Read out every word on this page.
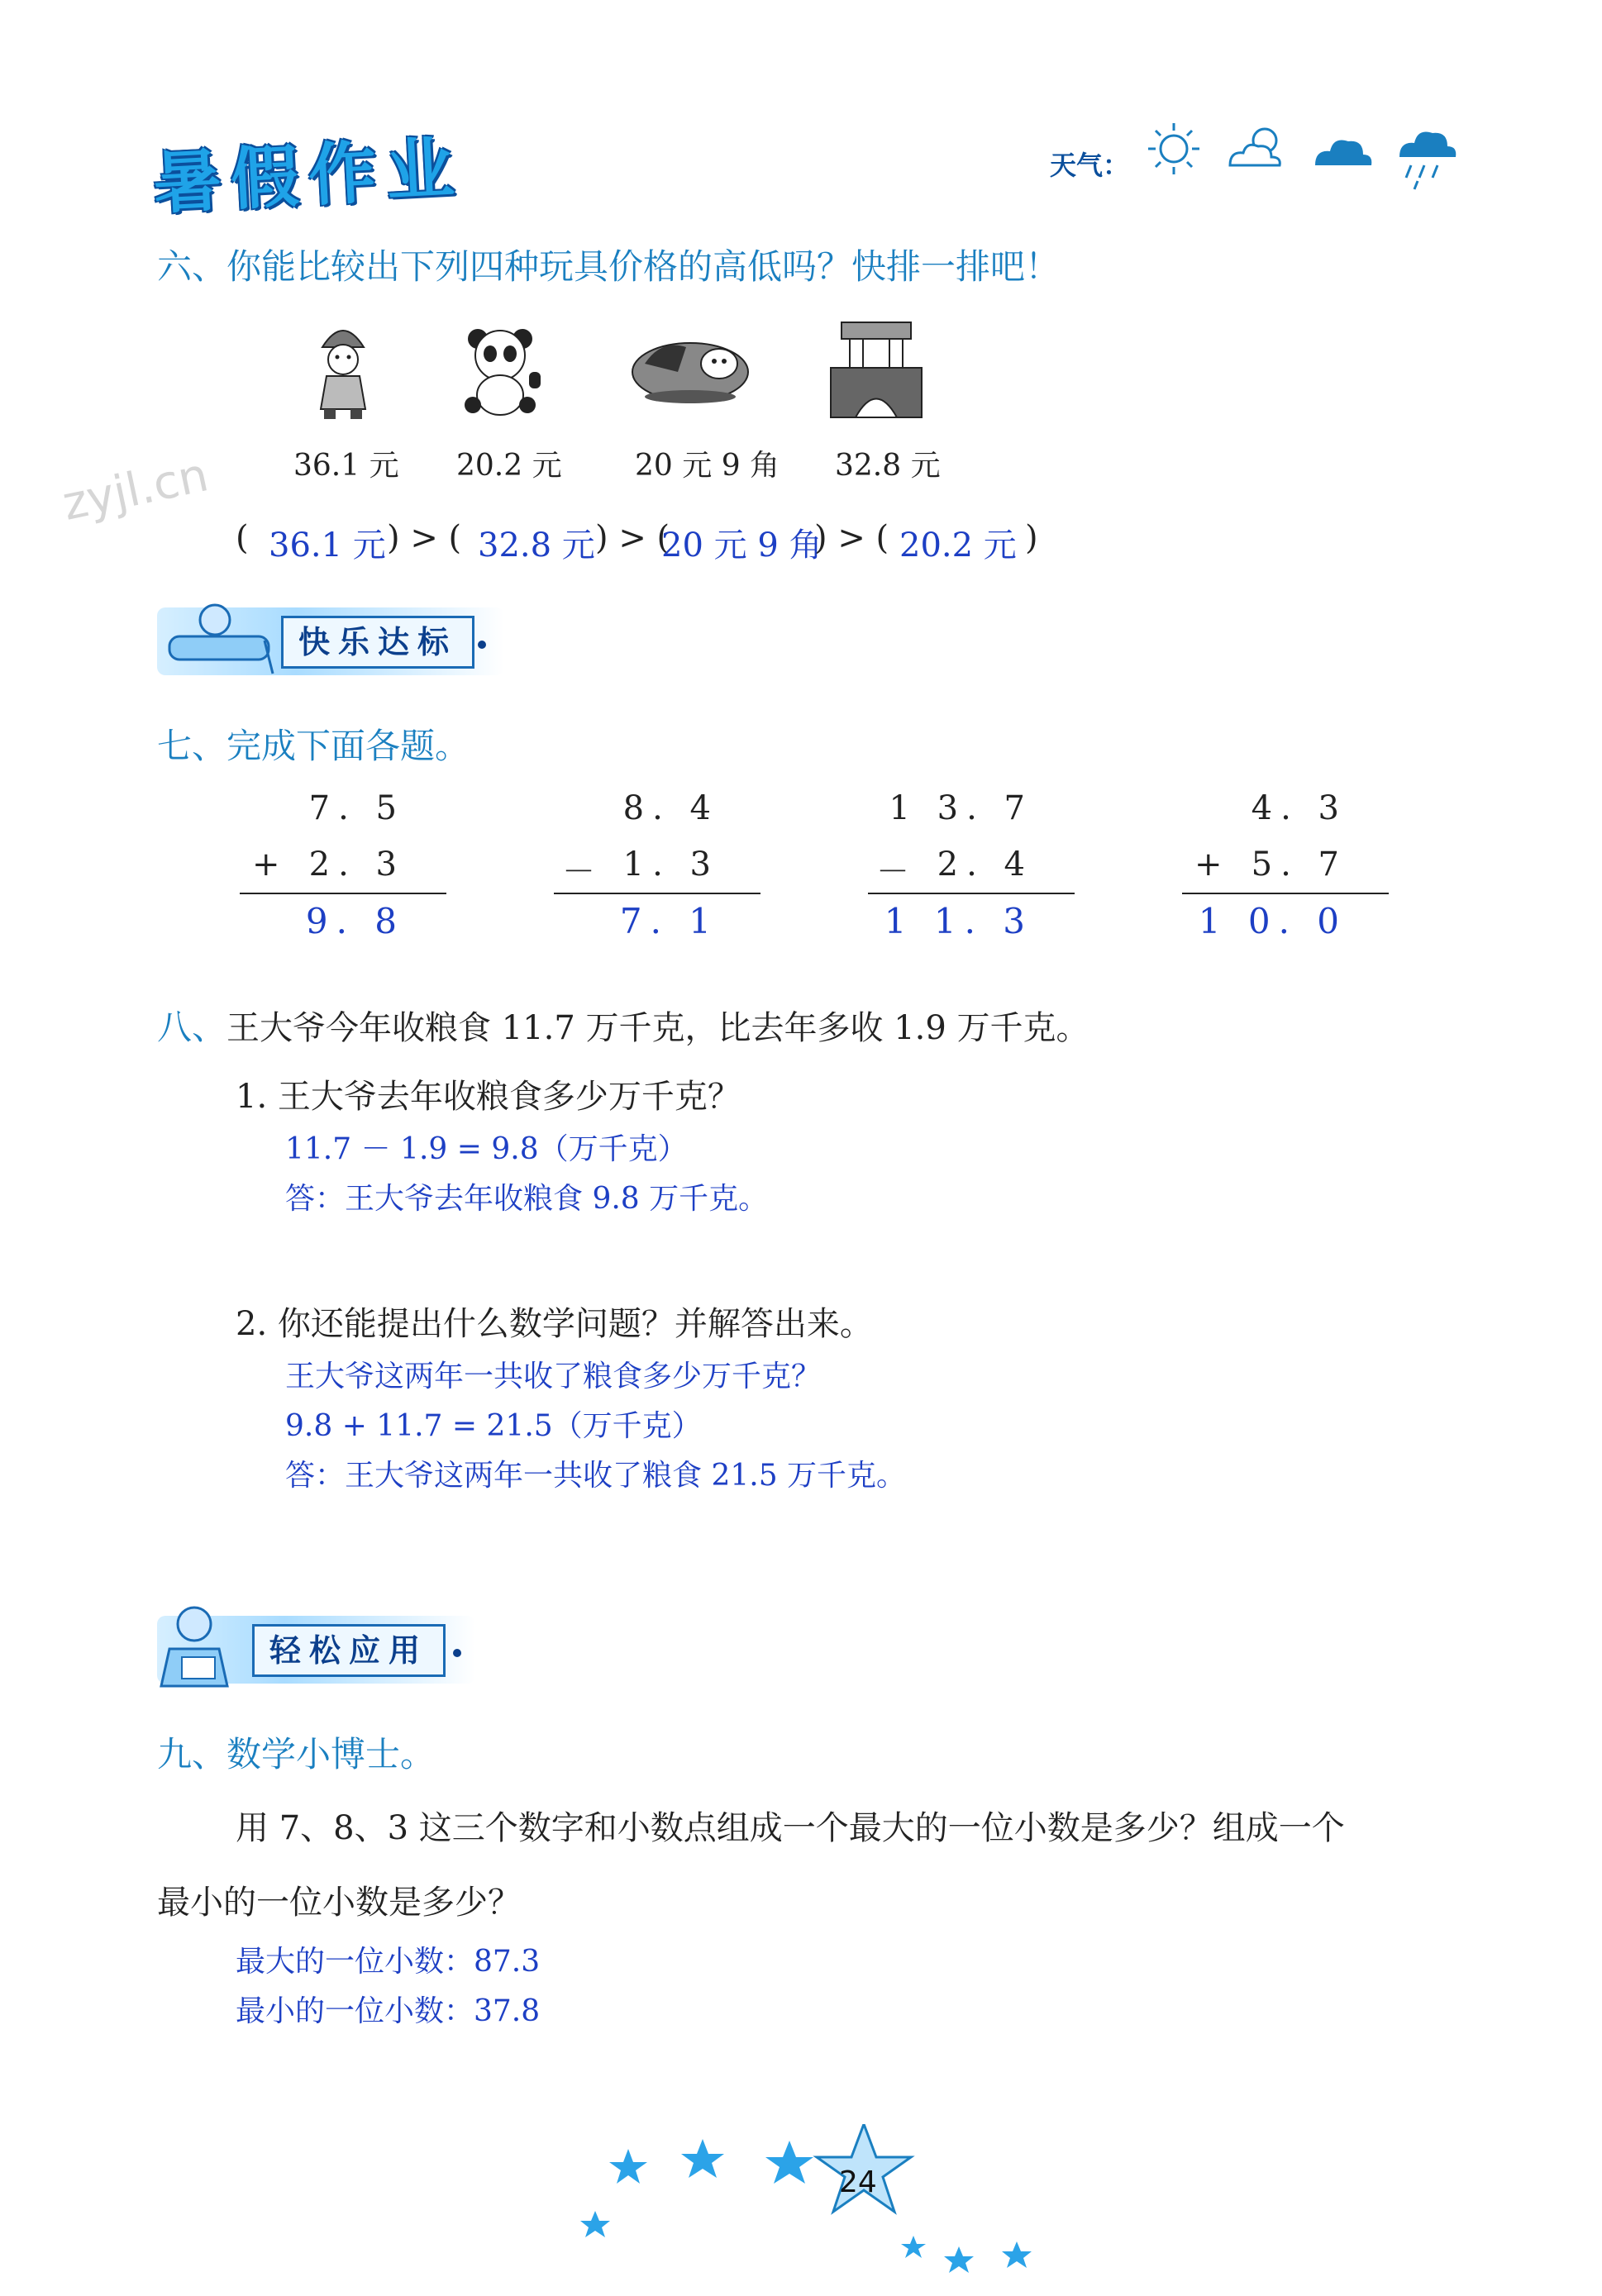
暑假作业	天气：
zyjl.cn
六、你能比较出下列四种玩具价格的高低吗？快排一排吧！
36.1 元 20.2 元 20 元 9 角 32.8 元
( 36.1 元 ) > ( 32.8 元 ) > (
20 元 9 角
) > ( 20.2 元 )
快乐达标
七、完成下面各题。
7. 5
+ 2. 3
9. 8
8. 4
－ 1. 3
7. 1
1 3. 7
－ 2. 4
1 1. 3
4. 3
+ 5. 7
1 0. 0
八、王大爷今年收粮食 11.7 万千克，比去年多收 1.9 万千克。
1. 王大爷去年收粮食多少万千克？
11.7 － 1.9 = 9.8（万千克）
答：王大爷去年收粮食 9.8 万千克。
2. 你还能提出什么数学问题？并解答出来。
王大爷这两年一共收了粮食多少万千克？
9.8 + 11.7 = 21.5（万千克）
答：王大爷这两年一共收了粮食 21.5 万千克。
轻松应用
九、数学小博士。
用 7、8、3 这三个数字和小数点组成一个最大的一位小数是多少？组成一个
最小的一位小数是多少？
最大的一位小数：87.3
最小的一位小数：37.8
24
